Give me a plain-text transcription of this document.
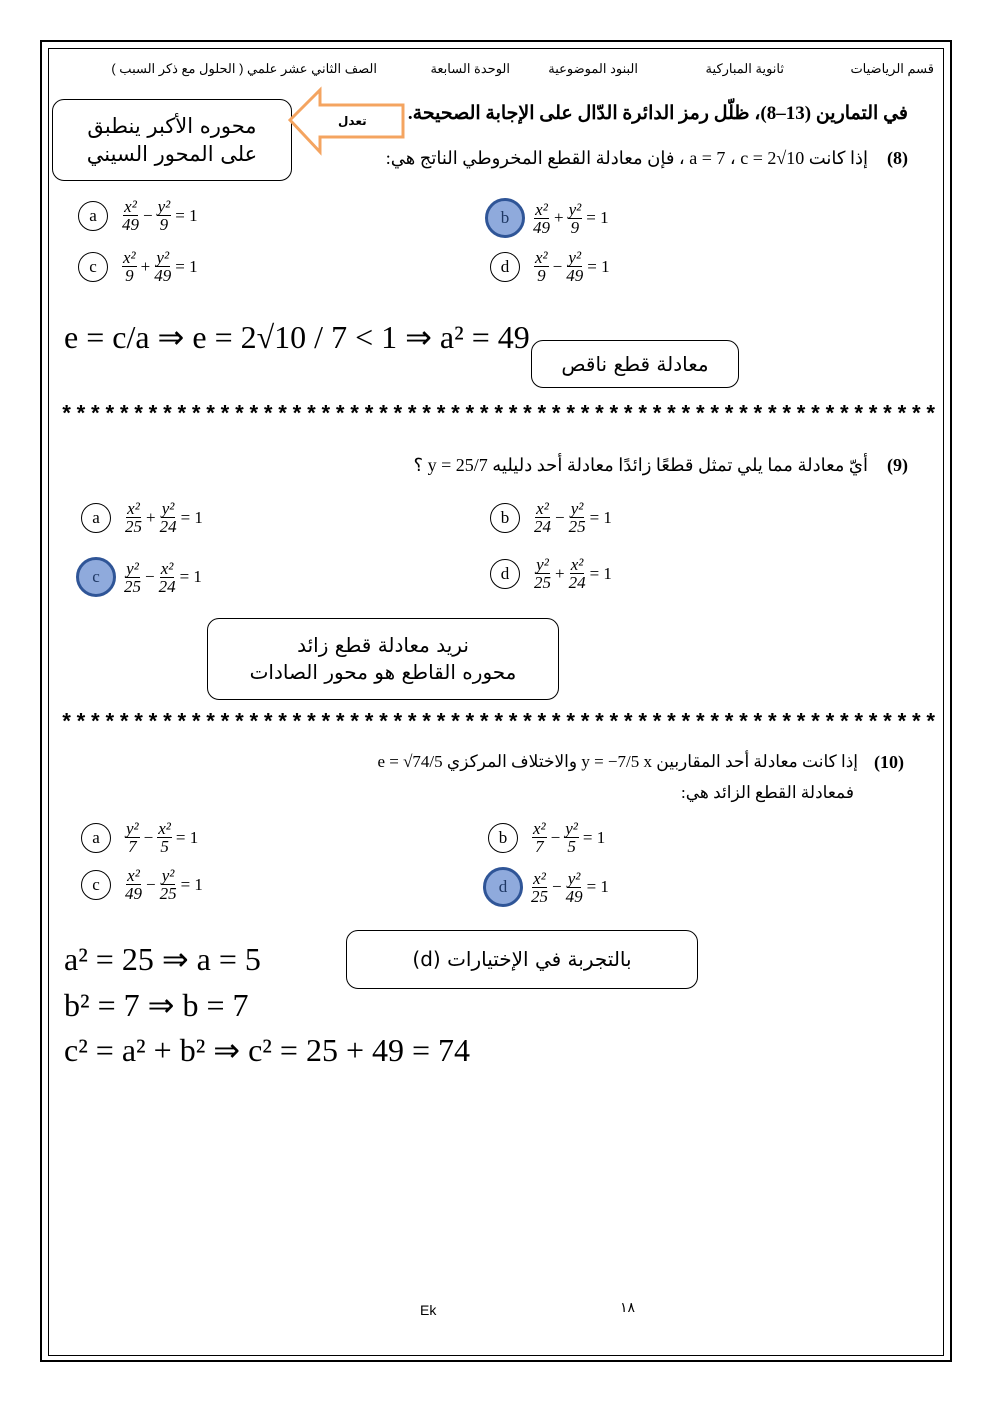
قسم الرياضيات
ثانوية المباركية
البنود الموضوعية
الوحدة السابعة
الصف الثاني عشر علمي ( الحلول مع ذكر السبب )
في التمارين (13–8)، ظلّل رمز الدائرة الدّال على الإجابة الصحيحة.
محوره الأكبر ينطبق
على المحور السيني
تعدل
(8)
إذا كانت a = 7 ، c = 2√10 ، فإن معادلة القطع المخروطي الناتج هي:
a	$\frac{\text{x²}}{49} - \frac{\text{y²}}{9} = 1$	b	$\frac{\text{x²}}{49} + \frac{\text{y²}}{9} = 1$
c	$\frac{\text{x²}}{9} + \frac{\text{y²}}{49} = 1$	d	$\frac{\text{x²}}{9} - \frac{\text{y²}}{49} = 1$
e = c/a ⇒ e = 2√10 / 7 < 1 ⇒ a² = 49
معادلة قطع ناقص
*************************************************************
(9)
أيّ معادلة مما يلي تمثل قطعًا زائدًا معادلة أحد دليليه y = 25/7 ؟
a	$\frac{\text{x²}}{25} + \frac{\text{y²}}{24} = 1$	b	$\frac{\text{x²}}{24} - \frac{\text{y²}}{25} = 1$
c	$\frac{\text{y²}}{25} - \frac{\text{x²}}{24} = 1$	d	$\frac{\text{y²}}{25} + \frac{\text{x²}}{24} = 1$
نريد معادلة قطع زائد
محوره القاطع هو محور الصادات
*************************************************************
(10)
إذا كانت معادلة أحد المقاربين y = −7/5 x والاختلاف المركزي e = √74/5
فمعادلة القطع الزائد هي:
a	$\frac{\text{y²}}{7} - \frac{\text{x²}}{5} = 1$	b	$\frac{\text{x²}}{7} - \frac{\text{y²}}{5} = 1$
c	$\frac{\text{x²}}{49} - \frac{\text{y²}}{25} = 1$	d	$\frac{\text{x²}}{25} - \frac{\text{y²}}{49} = 1$
بالتجربة في الإختيارات (d)
a² = 25 ⇒ a = 5
b² = 7 ⇒ b = 7
c² = a² + b² ⇒ c² = 25 + 49 = 74
Ek	١٨
